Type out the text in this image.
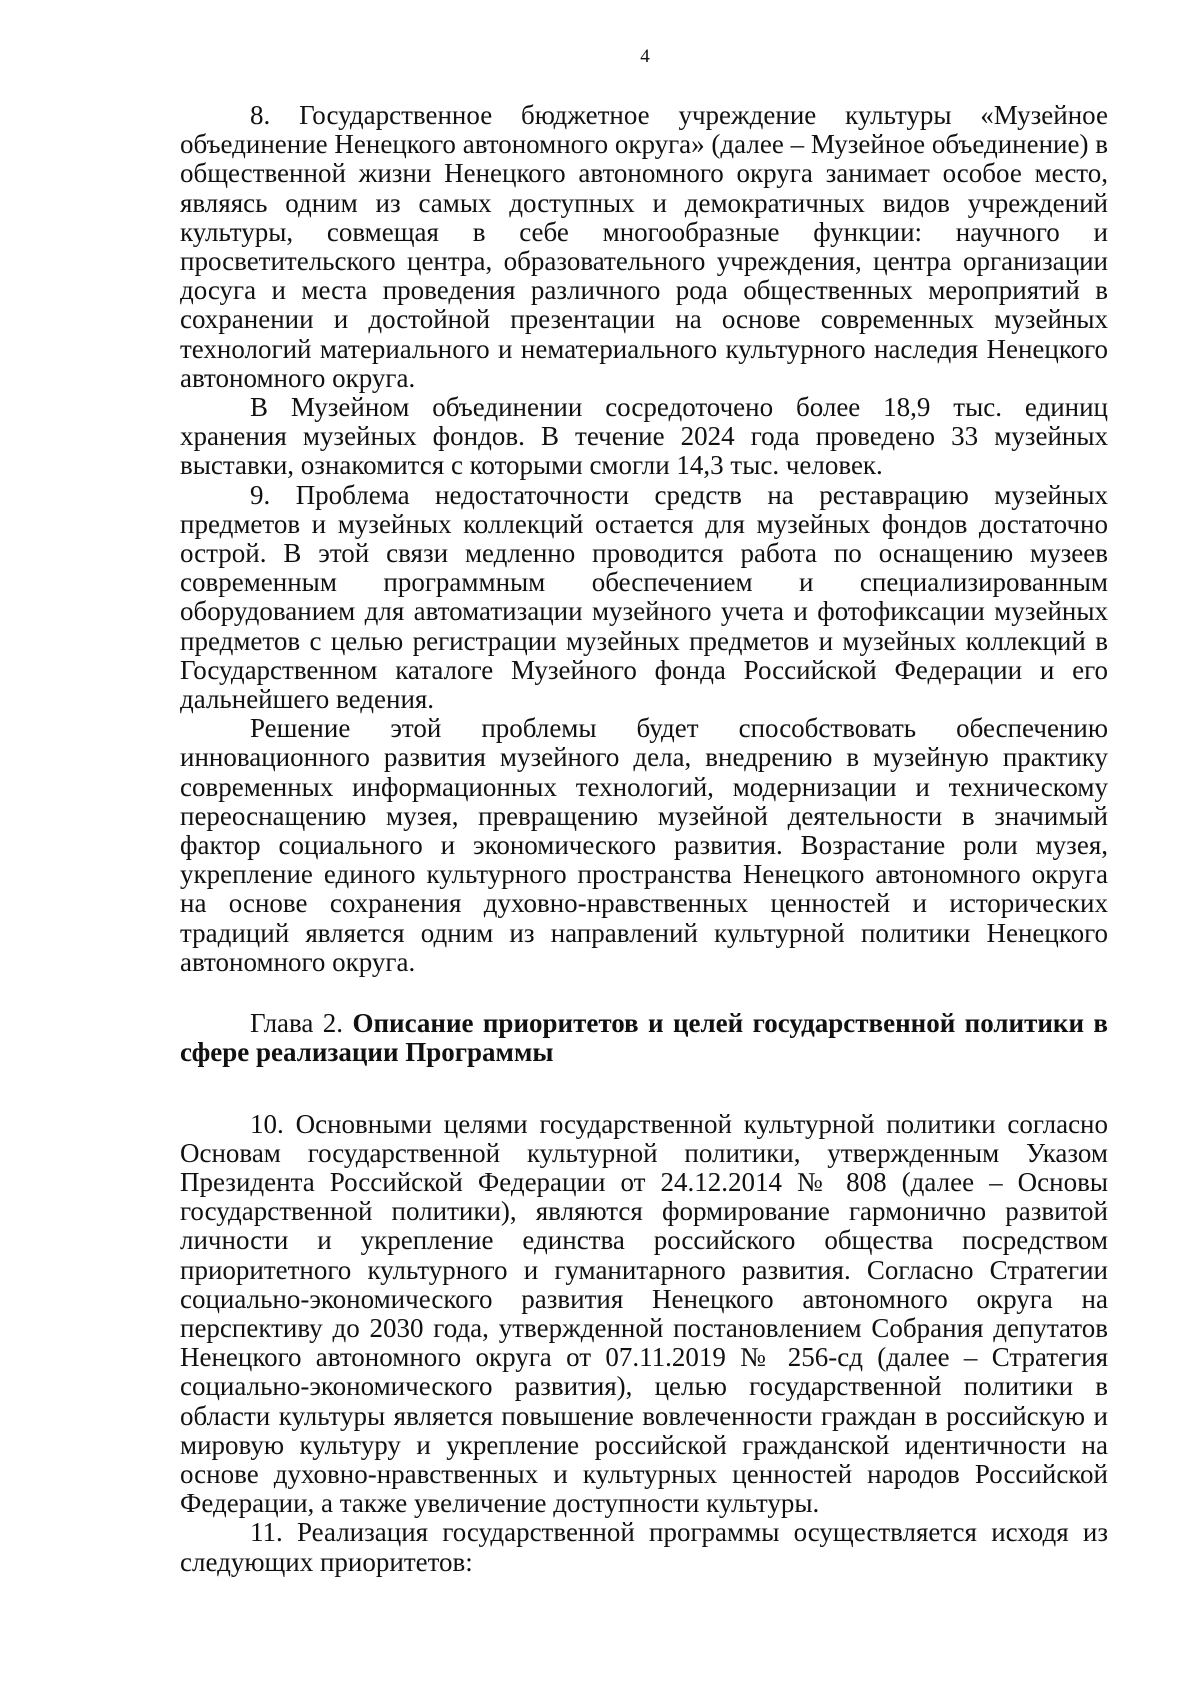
4

8. Государственное бюджетное учреждение культуры «Музейное объединение Ненецкого автономного округа» (далее – Музейное объединение) в общественной жизни Ненецкого автономного округа занимает особое место, являясь одним из самых доступных и демократичных видов учреждений культуры, совмещая в себе многообразные функции: научного и просветительского центра, образовательного учреждения, центра организации досуга и места проведения различного рода общественных мероприятий в сохранении и достойной презентации на основе современных музейных технологий материального и нематериального культурного наследия Ненецкого автономного округа.

В Музейном объединении сосредоточено более 18,9 тыс. единиц хранения музейных фондов. В течение 2024 года проведено 33 музейных выставки, ознакомится с которыми смогли 14,3 тыс. человек.

9. Проблема недостаточности средств на реставрацию музейных предметов и музейных коллекций остается для музейных фондов достаточно острой. В этой связи медленно проводится работа по оснащению музеев современным программным обеспечением и специализированным оборудованием для автоматизации музейного учета и фотофиксации музейных предметов с целью регистрации музейных предметов и музейных коллекций в Государственном каталоге Музейного фонда Российской Федерации и его дальнейшего ведения.

Решение этой проблемы будет способствовать обеспечению инновационного развития музейного дела, внедрению в музейную практику современных информационных технологий, модернизации и техническому переоснащению музея, превращению музейной деятельности в значимый фактор социального и экономического развития. Возрастание роли музея, укрепление единого культурного пространства Ненецкого автономного округа на основе сохранения духовно-нравственных ценностей и исторических традиций является одним из направлений культурной политики Ненецкого автономного округа.

Глава 2. Описание приоритетов и целей государственной политики в сфере реализации Программы

10. Основными целями государственной культурной политики согласно Основам государственной культурной политики, утвержденным Указом Президента Российской Федерации от 24.12.2014 № 808 (далее – Основы государственной политики), являются формирование гармонично развитой личности и укрепление единства российского общества посредством приоритетного культурного и гуманитарного развития. Согласно Стратегии социально-экономического развития Ненецкого автономного округа на перспективу до 2030 года, утвержденной постановлением Собрания депутатов Ненецкого автономного округа от 07.11.2019 № 256-сд (далее – Стратегия социально-экономического развития), целью государственной политики в области культуры является повышение вовлеченности граждан в российскую и мировую культуру и укрепление российской гражданской идентичности на основе духовно-нравственных и культурных ценностей народов Российской Федерации, а также увеличение доступности культуры.

11. Реализация государственной программы осуществляется исходя из следующих приоритетов:
